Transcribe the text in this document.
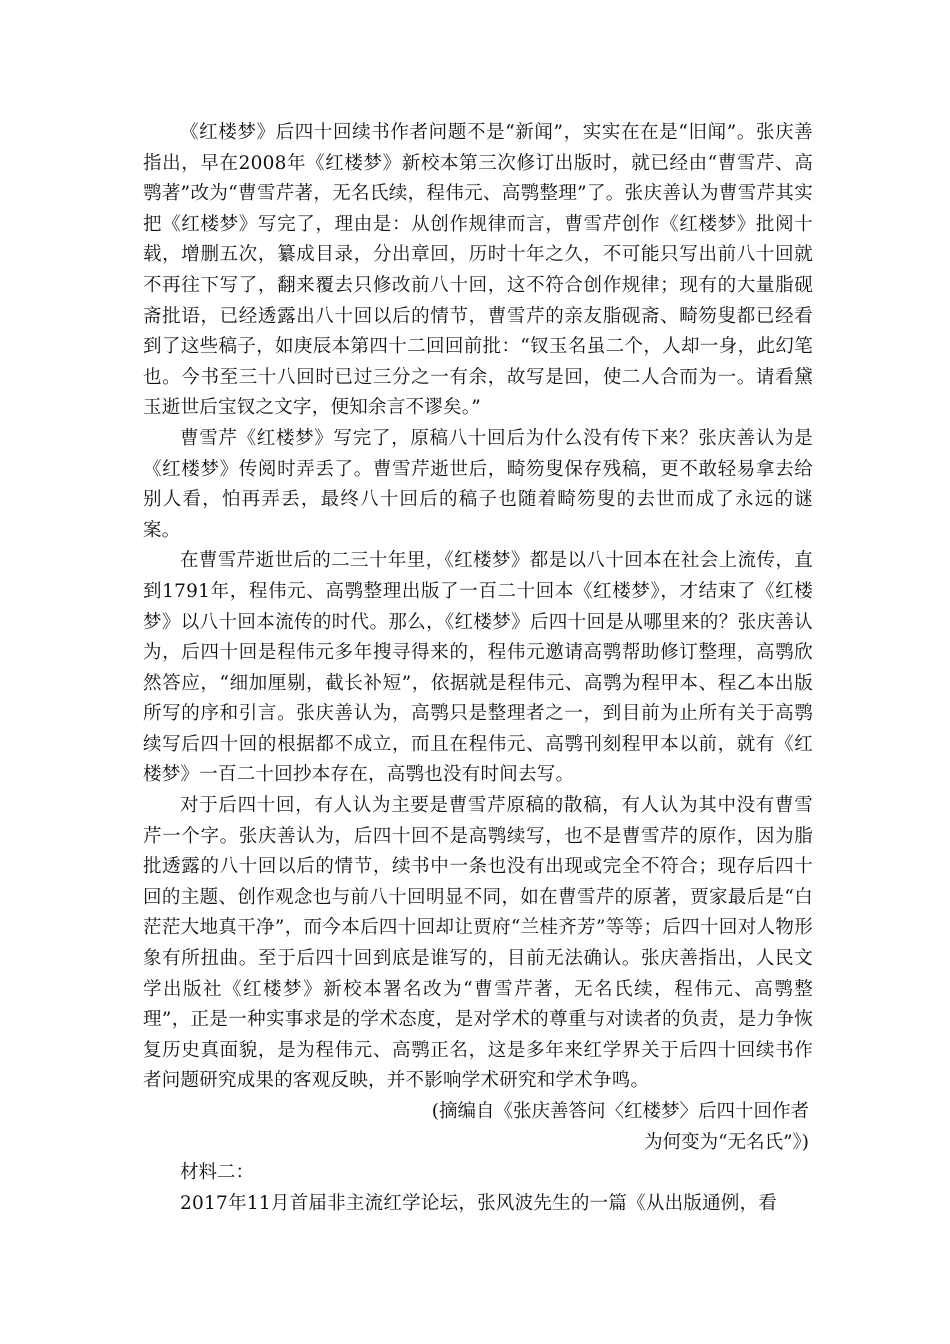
《红楼梦》后四十回续书作者问题不是“新闻”，实实在在是“旧闻”。张庆善指出，早在2008年《红楼梦》新校本第三次修订出版时，就已经由“曹雪芹、高鹗著”改为“曹雪芹著，无名氏续，程伟元、高鹗整理”了。张庆善认为曹雪芹其实把《红楼梦》写完了，理由是：从创作规律而言，曹雪芹创作《红楼梦》批阅十载，增删五次，纂成目录，分出章回，历时十年之久，不可能只写出前八十回就不再往下写了，翻来覆去只修改前八十回，这不符合创作规律；现有的大量脂砚斋批语，已经透露出八十回以后的情节，曹雪芹的亲友脂砚斋、畸笏叟都已经看到了这些稿子，如庚辰本第四十二回回前批：“钗玉名虽二个，人却一身，此幻笔也。今书至三十八回时已过三分之一有余，故写是回，使二人合而为一。请看黛玉逝世后宝钗之文字，便知余言不谬矣。”

曹雪芹《红楼梦》写完了，原稿八十回后为什么没有传下来？张庆善认为是《红楼梦》传阅时弄丢了。曹雪芹逝世后，畸笏叟保存残稿，更不敢轻易拿去给别人看，怕再弄丢，最终八十回后的稿子也随着畸笏叟的去世而成了永远的谜案。

在曹雪芹逝世后的二三十年里，《红楼梦》都是以八十回本在社会上流传，直到1791年，程伟元、高鹗整理出版了一百二十回本《红楼梦》，才结束了《红楼梦》以八十回本流传的时代。那么，《红楼梦》后四十回是从哪里来的？张庆善认为，后四十回是程伟元多年搜寻得来的，程伟元邀请高鹗帮助修订整理，高鹗欣然答应，“细加厘剔，截长补短”，依据就是程伟元、高鹗为程甲本、程乙本出版所写的序和引言。张庆善认为，高鹗只是整理者之一，到目前为止所有关于高鹗续写后四十回的根据都不成立，而且在程伟元、高鹗刊刻程甲本以前，就有《红楼梦》一百二十回抄本存在，高鹗也没有时间去写。

对于后四十回，有人认为主要是曹雪芹原稿的散稿，有人认为其中没有曹雪芹一个字。张庆善认为，后四十回不是高鹗续写，也不是曹雪芹的原作，因为脂批透露的八十回以后的情节，续书中一条也没有出现或完全不符合；现存后四十回的主题、创作观念也与前八十回明显不同，如在曹雪芹的原著，贾家最后是“白茫茫大地真干净”，而今本后四十回却让贾府“兰桂齐芳”等等；后四十回对人物形象有所扭曲。至于后四十回到底是谁写的，目前无法确认。张庆善指出，人民文学出版社《红楼梦》新校本署名改为“曹雪芹著，无名氏续，程伟元、高鹗整理”，正是一种实事求是的学术态度，是对学术的尊重与对读者的负责，是力争恢复历史真面貌，是为程伟元、高鹗正名，这是多年来红学界关于后四十回续书作者问题研究成果的客观反映，并不影响学术研究和学术争鸣。

(摘编自《张庆善答问〈红楼梦〉后四十回作者

为何变为“无名氏”》)

材料二：

2017年11月首届非主流红学论坛，张风波先生的一篇《从出版通例，看
